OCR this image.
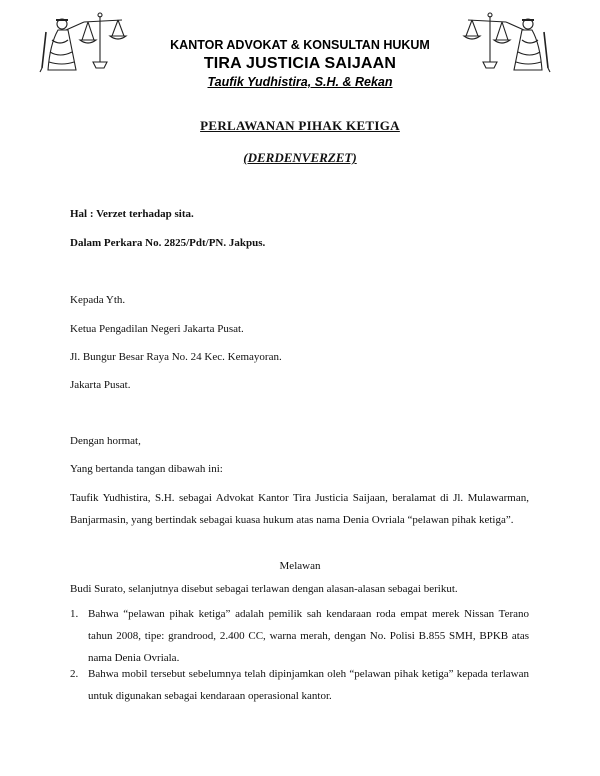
KANTOR ADVOKAT & KONSULTAN HUKUM
TIRA JUSTICIA SAIJAAN
Taufik Yudhistira, S.H. & Rekan
PERLAWANAN PIHAK KETIGA
(DERDENVERZET)
Hal : Verzet terhadap sita.
Dalam Perkara No. 2825/Pdt/PN. Jakpus.
Kepada Yth.
Ketua Pengadilan Negeri Jakarta Pusat.
Jl. Bungur Besar Raya No. 24 Kec. Kemayoran.
Jakarta Pusat.
Dengan hormat,
Yang bertanda tangan dibawah ini:
Taufik Yudhistira, S.H. sebagai Advokat Kantor Tira Justicia Saijaan, beralamat di Jl. Mulawarman, Banjarmasin, yang bertindak sebagai kuasa hukum atas nama Denia Ovriala “pelawan pihak ketiga”.
Melawan
Budi Surato, selanjutnya disebut sebagai terlawan dengan alasan-alasan sebagai berikut.
1. Bahwa “pelawan pihak ketiga” adalah pemilik sah kendaraan roda empat merek Nissan Terano tahun 2008, tipe: grandrood, 2.400 CC, warna merah, dengan No. Polisi B.855 SMH, BPKB atas nama Denia Ovriala.
2. Bahwa mobil tersebut sebelumnya telah dipinjamkan oleh “pelawan pihak ketiga” kepada terlawan untuk digunakan sebagai kendaraan operasional kantor.
